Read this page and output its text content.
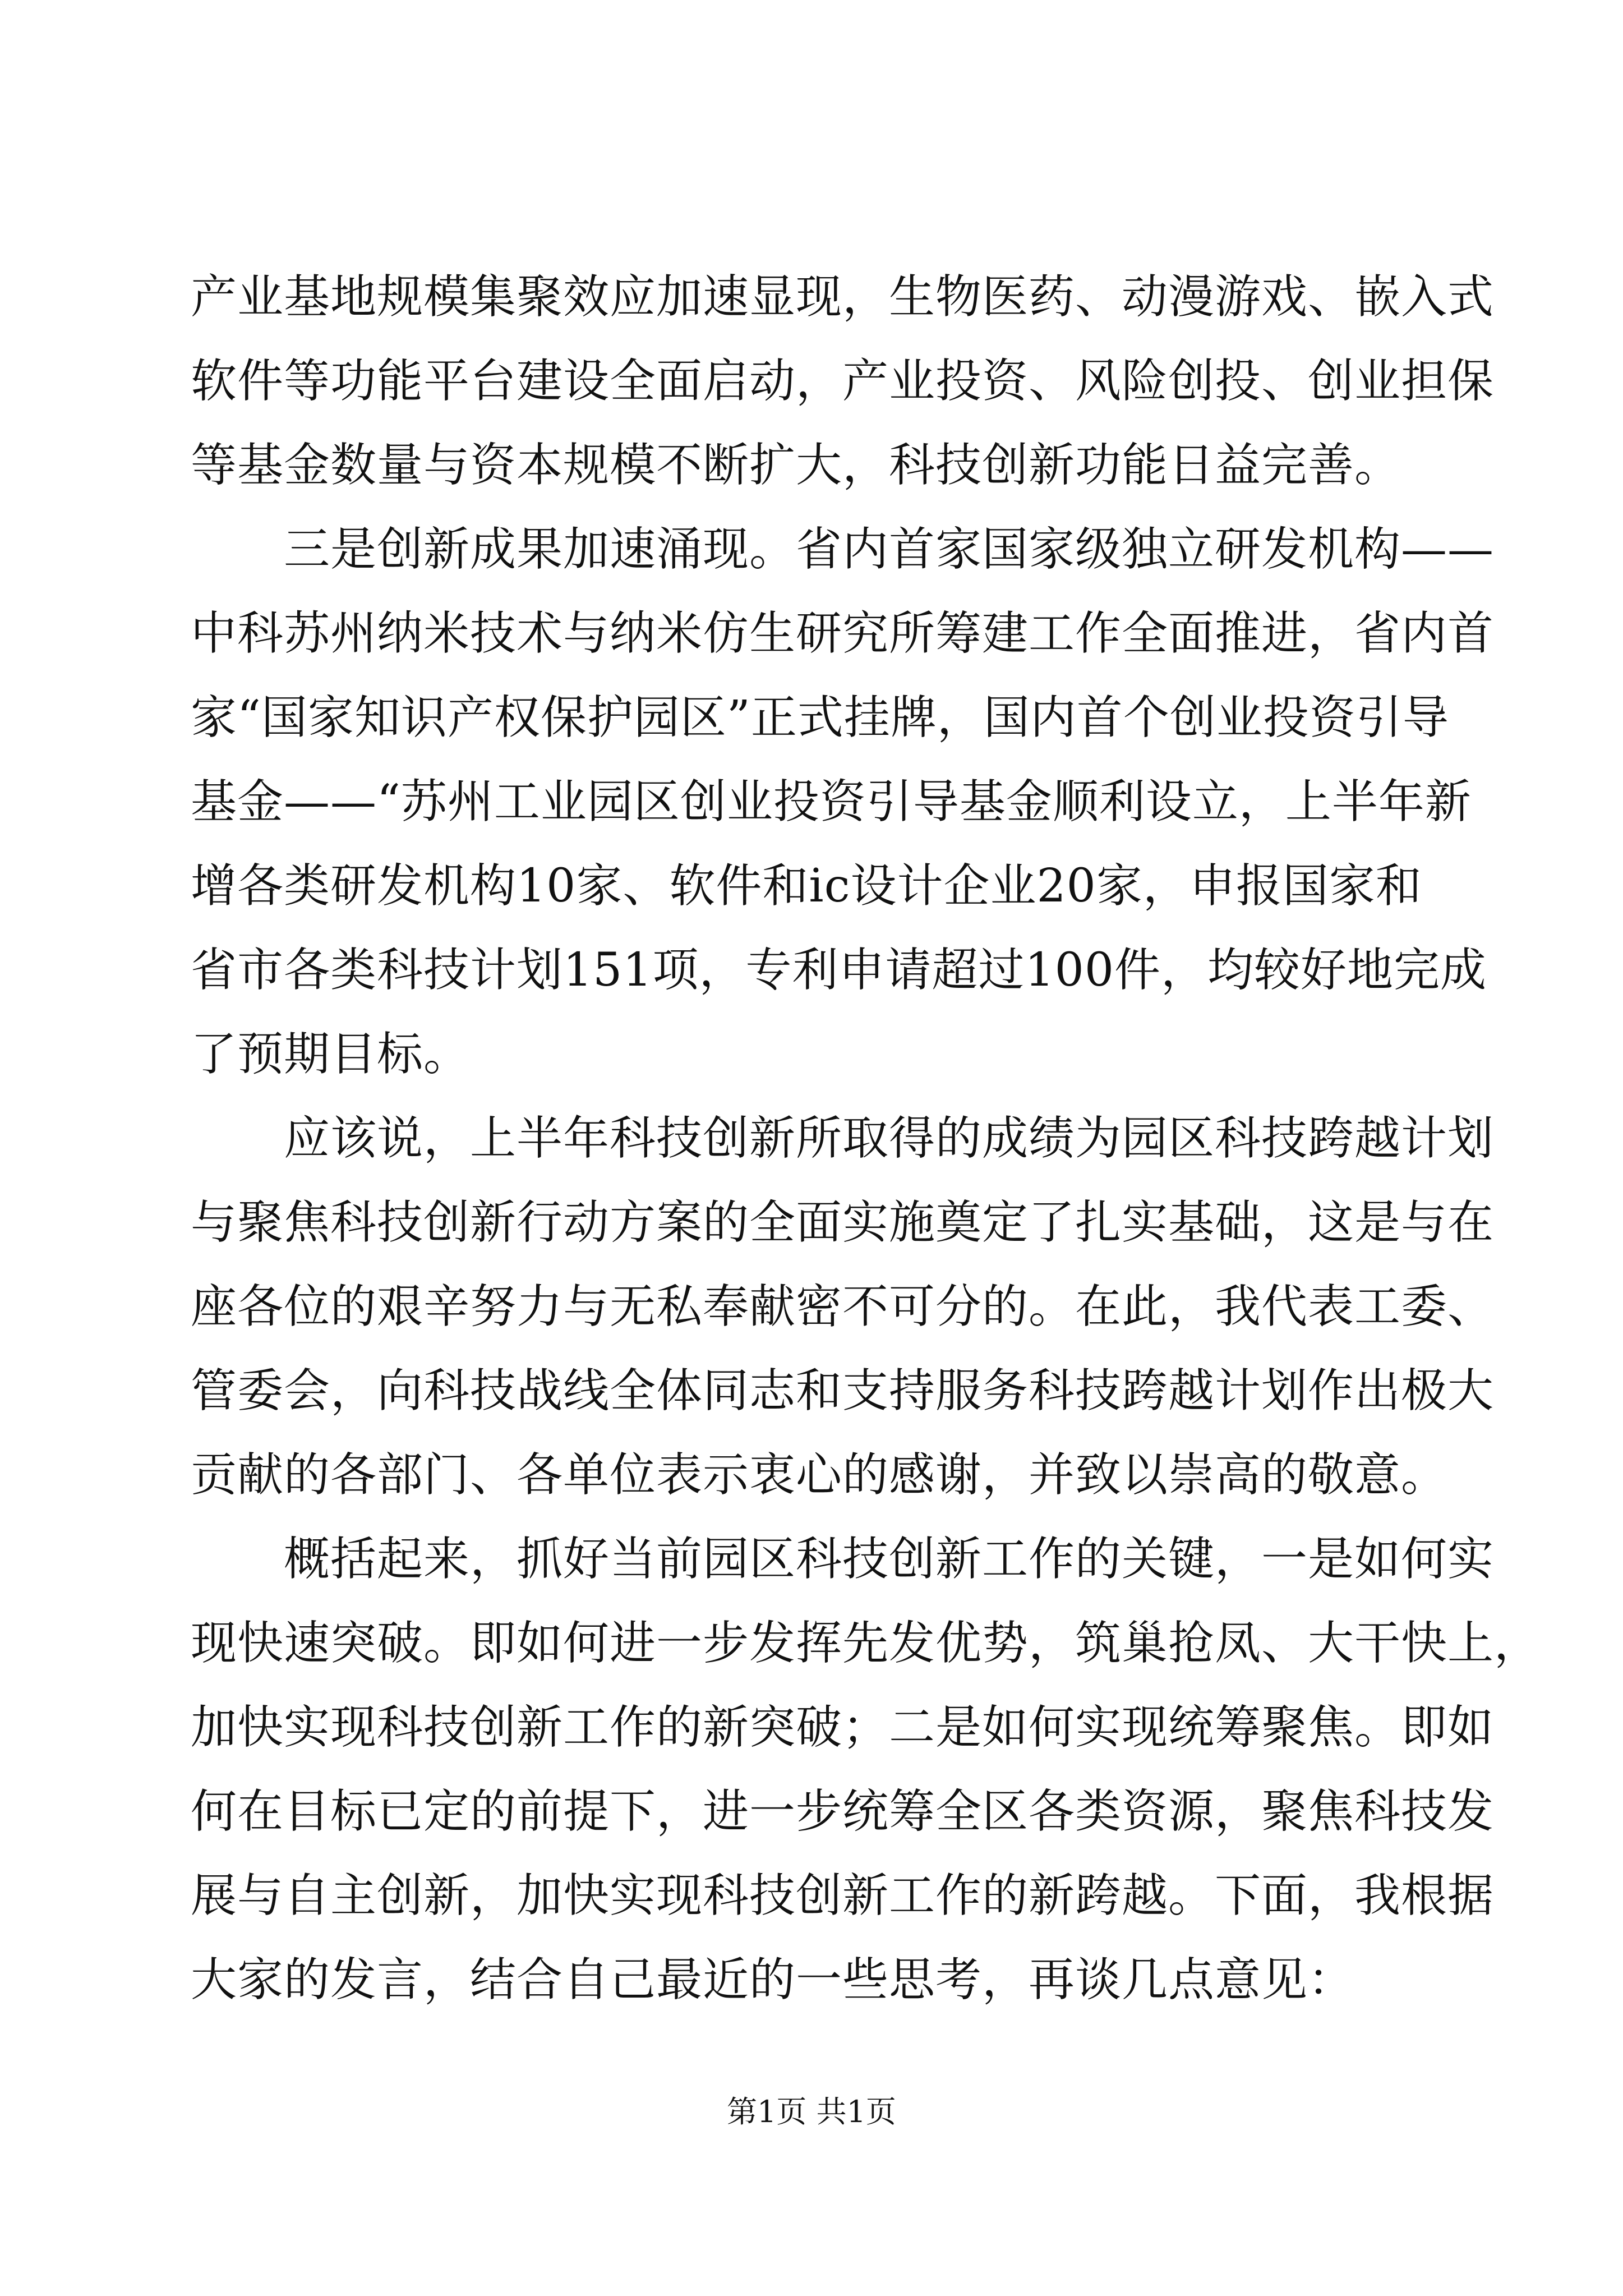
产业基地规模集聚效应加速显现，生物医药、动漫游戏、嵌入式
软件等功能平台建设全面启动，产业投资、风险创投、创业担保
等基金数量与资本规模不断扩大，科技创新功能日益完善。
　　三是创新成果加速涌现。省内首家国家级独立研发机构——
中科苏州纳米技术与纳米仿生研究所筹建工作全面推进，省内首
家“国家知识产权保护园区”正式挂牌，国内首个创业投资引导
基金——“苏州工业园区创业投资引导基金顺利设立，上半年新
增各类研发机构10家、软件和ic设计企业20家，申报国家和
省市各类科技计划151项，专利申请超过100件，均较好地完成
了预期目标。
　　应该说，上半年科技创新所取得的成绩为园区科技跨越计划
与聚焦科技创新行动方案的全面实施奠定了扎实基础，这是与在
座各位的艰辛努力与无私奉献密不可分的。在此，我代表工委、
管委会，向科技战线全体同志和支持服务科技跨越计划作出极大
贡献的各部门、各单位表示衷心的感谢，并致以崇高的敬意。
　　概括起来，抓好当前园区科技创新工作的关键，一是如何实
现快速突破。即如何进一步发挥先发优势，筑巢抢凤、大干快上，
加快实现科技创新工作的新突破；二是如何实现统筹聚焦。即如
何在目标已定的前提下，进一步统筹全区各类资源，聚焦科技发
展与自主创新，加快实现科技创新工作的新跨越。下面，我根据
大家的发言，结合自己最近的一些思考，再谈几点意见：
第1页 共1页
